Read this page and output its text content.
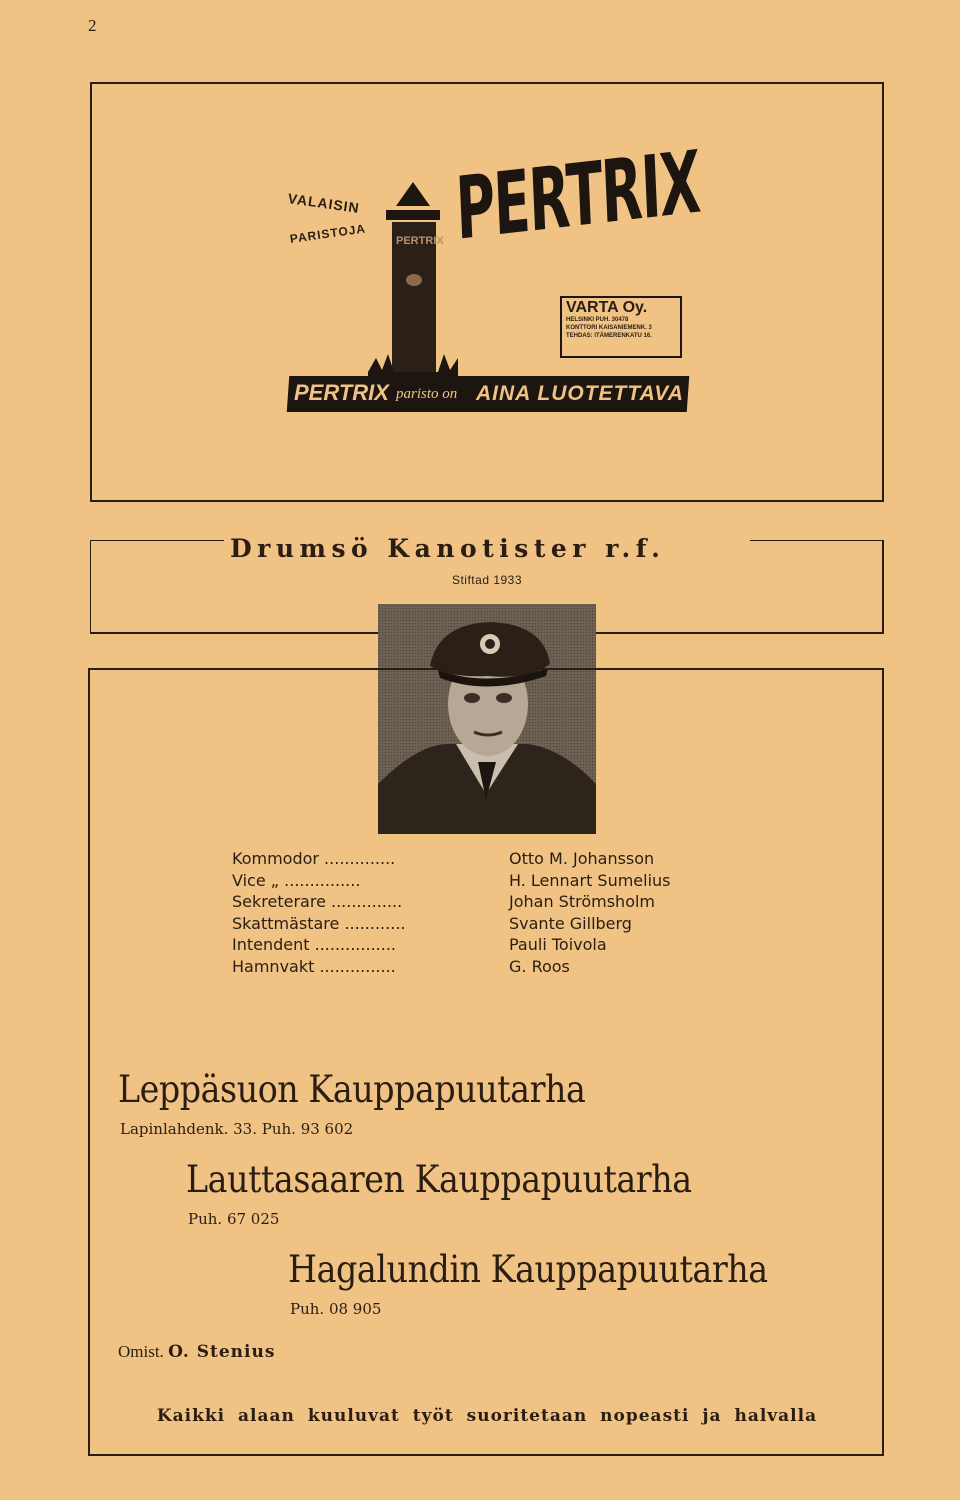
2
VALAISIN
PARISTOJA	PERTRIX PERTRIX
VARTA Oy.
HELSINKI PUH. 30478
KONTTORI KAISANIEMENK. 3
TEHDAS: ITÄMERENKATU 16.
PERTRIX paristo on AINA LUOTETTAVA
Drumsö Kanotister r.f.
Stiftad 1933
Kommodor ..............	Otto M. Johansson
Vice „ ...............	H. Lennart Sumelius
Sekreterare ..............	Johan Strömsholm
Skattmästare ............	Svante Gillberg
Intendent ................	Pauli Toivola
Hamnvakt ...............	G. Roos
Leppäsuon Kauppapuutarha
Lapinlahdenk. 33. Puh. 93 602
Lauttasaaren Kauppapuutarha
Puh. 67 025
Hagalundin Kauppapuutarha
Puh. 08 905
Omist. O. Stenius
Kaikki alaan kuuluvat työt suoritetaan nopeasti ja halvalla
